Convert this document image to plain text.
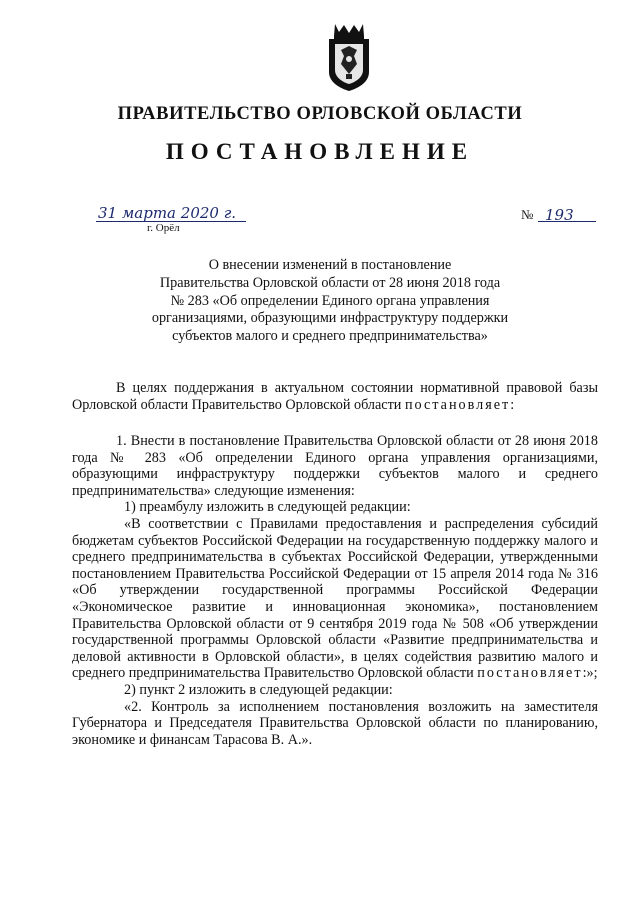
ПРАВИТЕЛЬСТВО ОРЛОВСКОЙ ОБЛАСТИ
ПОСТАНОВЛЕНИЕ
31 марта 2020 г.
г. Орёл
№ 193
О внесении изменений в постановление
Правительства Орловской области от 28 июня 2018 года
№ 283 «Об определении Единого органа управления
организациями, образующими инфраструктуру поддержки
субъектов малого и среднего предпринимательства»

В целях поддержания в актуальном состоянии нормативной правовой базы Орловской области Правительство Орловской области постановляет:

1. Внести в постановление Правительства Орловской области от 28 июня 2018 года № 283 «Об определении Единого органа управления организациями, образующими инфраструктуру поддержки субъектов малого и среднего предпринимательства» следующие изменения:

1) преамбулу изложить в следующей редакции:

«В соответствии с Правилами предоставления и распределения субсидий бюджетам субъектов Российской Федерации на государственную поддержку малого и среднего предпринимательства в субъектах Российской Федерации, утвержденными постановлением Правительства Российской Федерации от 15 апреля 2014 года № 316 «Об утверждении государственной программы Российской Федерации «Экономическое развитие и инновационная экономика», постановлением Правительства Орловской области от 9 сентября 2019 года № 508 «Об утверждении государственной программы Орловской области «Развитие предпринимательства и деловой активности в Орловской области», в целях содействия развитию малого и среднего предпринимательства Правительство Орловской области постановляет:»;

2) пункт 2 изложить в следующей редакции:

«2. Контроль за исполнением постановления возложить на заместителя Губернатора и Председателя Правительства Орловской области по планированию, экономике и финансам Тарасова В. А.».
